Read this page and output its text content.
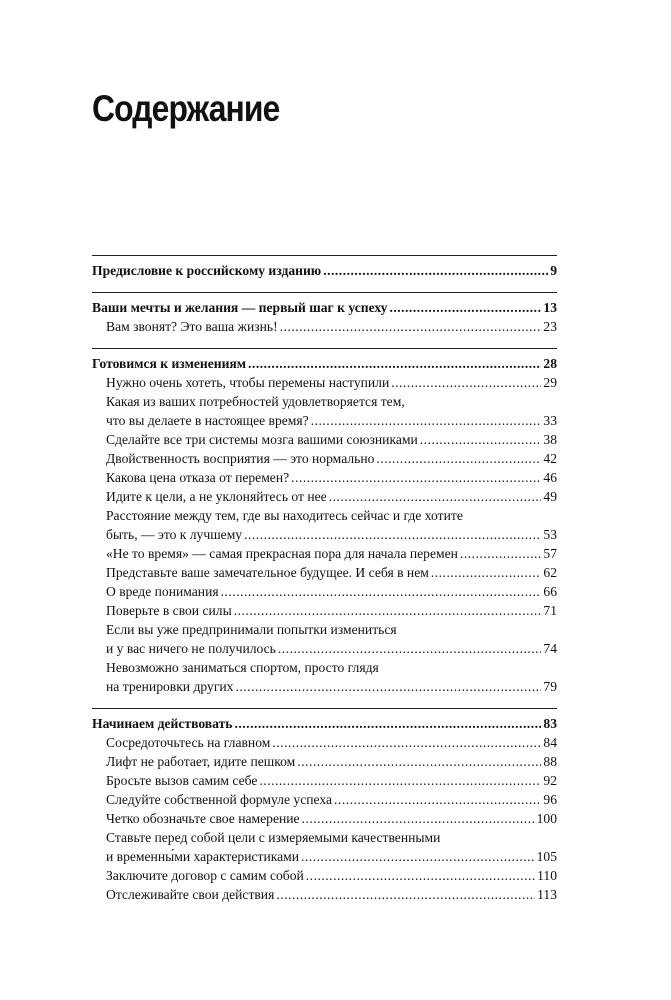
Содержание
Предисловие к российскому изданию .....	9
Ваши мечты и желания — первый шаг к успеху .....	13
Вам звонят? Это ваша жизнь! .....	23
Готовимся к изменениям .....	28
Нужно очень хотеть, чтобы перемены наступили .....	29
Какая из ваших потребностей удовлетворяется тем,
что вы делаете в настоящее время? .....	33
Сделайте все три системы мозга вашими союзниками .....	38
Двойственность восприятия — это нормально .....	42
Какова цена отказа от перемен? .....	46
Идите к цели, а не уклоняйтесь от нее .....	49
Расстояние между тем, где вы находитесь сейчас и где хотите
быть, — это к лучшему .....	53
«Не то время» — самая прекрасная пора для начала перемен .....	57
Представьте ваше замечательное будущее. И себя в нем .....	62
О вреде понимания .....	66
Поверьте в свои силы .....	71
Если вы уже предпринимали попытки измениться
и у вас ничего не получилось .....	74
Невозможно заниматься спортом, просто глядя
на тренировки других .....	79
Начинаем действовать .....	83
Сосредоточьтесь на главном .....	84
Лифт не работает, идите пешком .....	88
Бросьте вызов самим себе .....	92
Следуйте собственной формуле успеха .....	96
Четко обозначьте свое намерение .....	100
Ставьте перед собой цели с измеряемыми качественными
и временны́ми характеристиками .....	105
Заключите договор с самим собой .....	110
Отслеживайте свои действия .....	113
